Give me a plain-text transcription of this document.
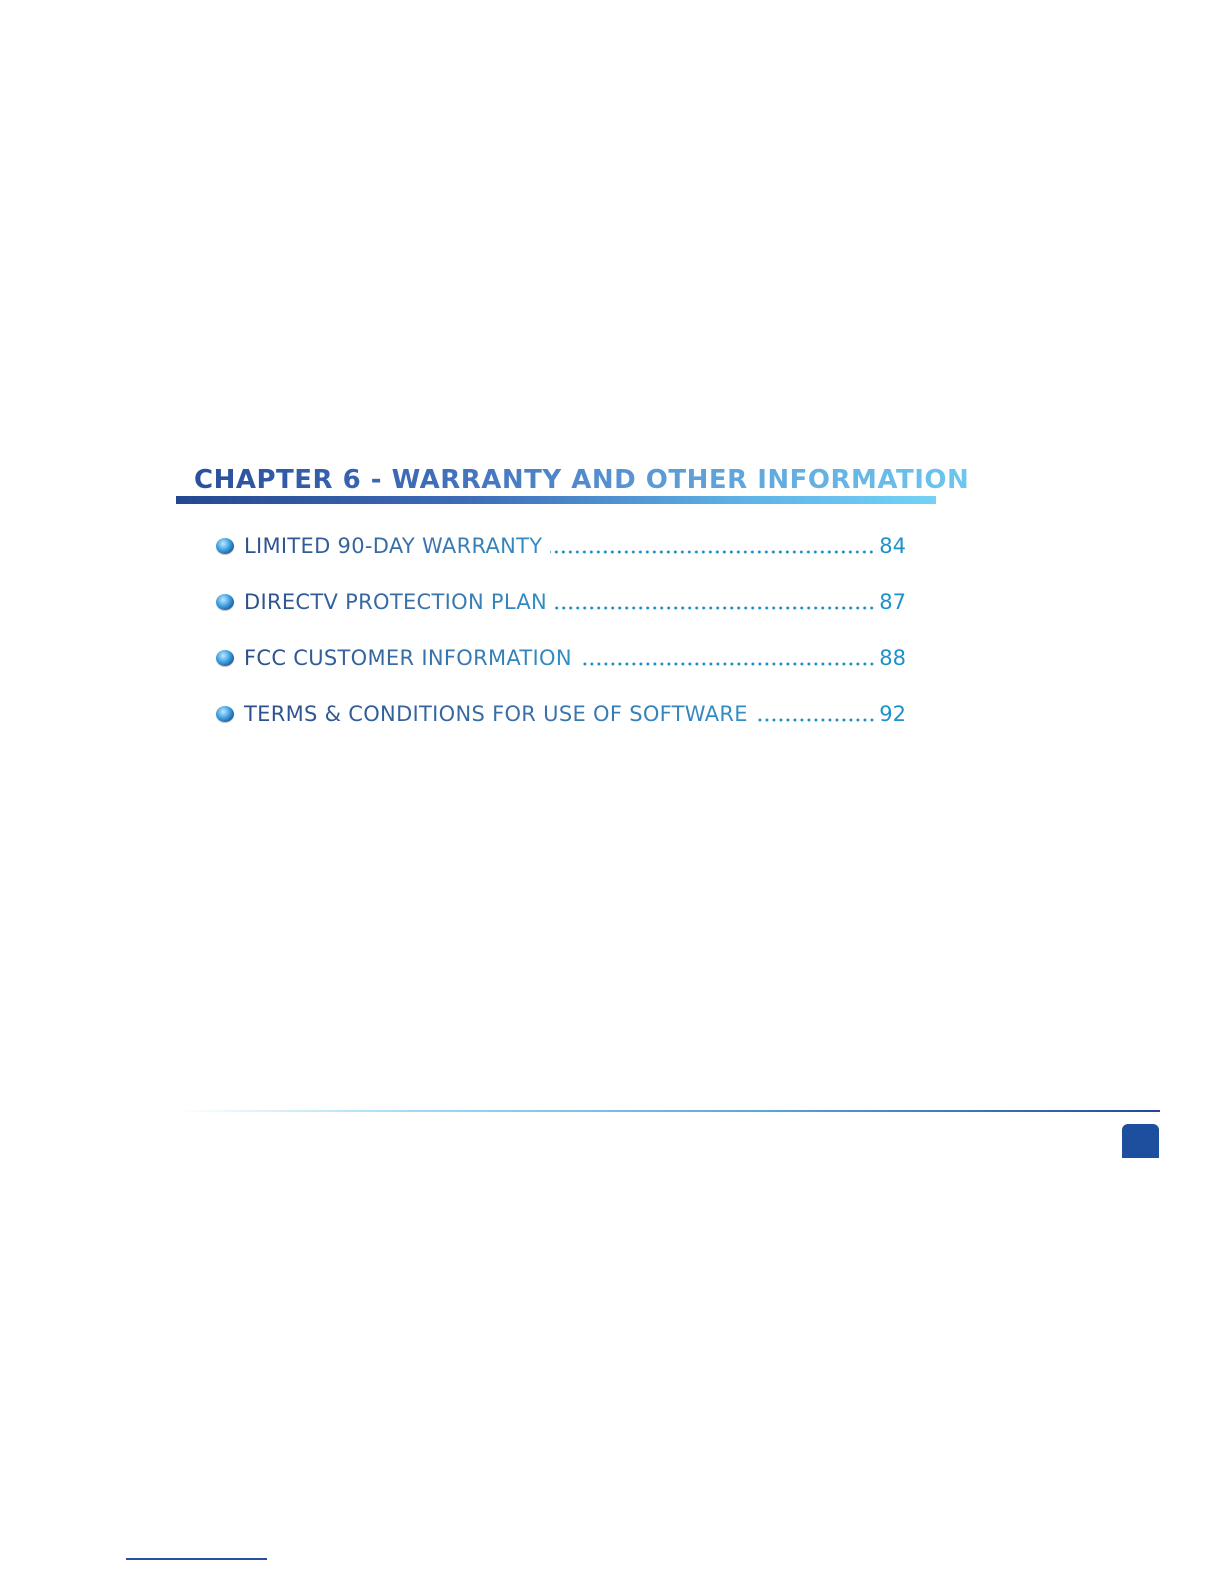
CHAPTER 6 - WARRANTY AND OTHER INFORMATION
LIMITED 90-DAY WARRANTY	84
DIRECTV PROTECTION PLAN	87
FCC CUSTOMER INFORMATION	88
TERMS & CONDITIONS FOR USE OF SOFTWARE	92
